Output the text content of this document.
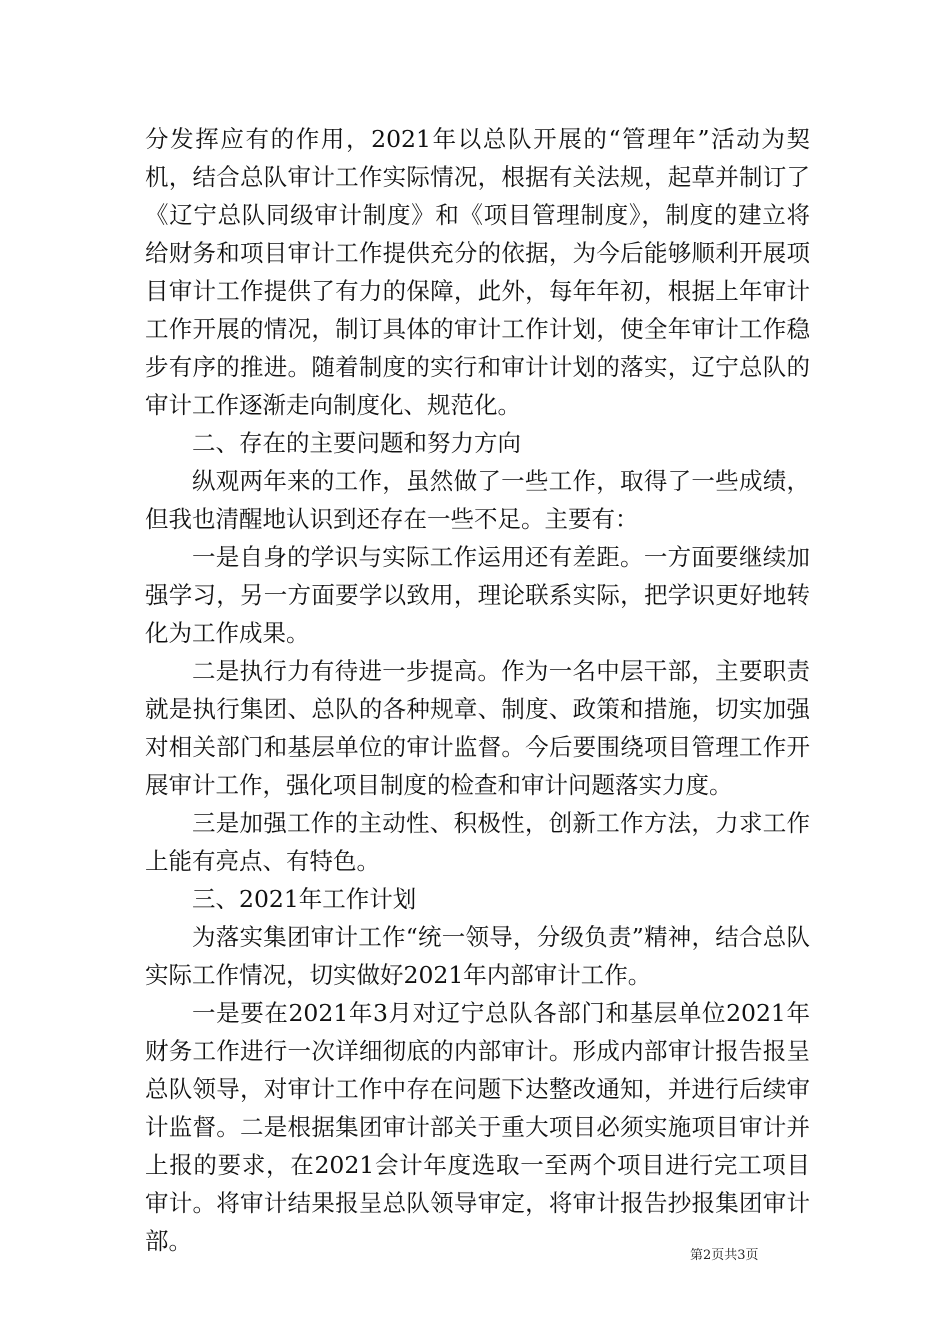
分发挥应有的作用，2021年以总队开展的“管理年”活动为契机，结合总队审计工作实际情况，根据有关法规，起草并制订了《辽宁总队同级审计制度》和《项目管理制度》，制度的建立将给财务和项目审计工作提供充分的依据，为今后能够顺利开展项目审计工作提供了有力的保障，此外，每年年初，根据上年审计工作开展的情况，制订具体的审计工作计划，使全年审计工作稳步有序的推进。随着制度的实行和审计计划的落实，辽宁总队的审计工作逐渐走向制度化、规范化。

二、存在的主要问题和努力方向

纵观两年来的工作，虽然做了一些工作，取得了一些成绩，但我也清醒地认识到还存在一些不足。主要有：

一是自身的学识与实际工作运用还有差距。一方面要继续加强学习，另一方面要学以致用，理论联系实际，把学识更好地转化为工作成果。

二是执行力有待进一步提高。作为一名中层干部，主要职责就是执行集团、总队的各种规章、制度、政策和措施，切实加强对相关部门和基层单位的审计监督。今后要围绕项目管理工作开展审计工作，强化项目制度的检查和审计问题落实力度。

三是加强工作的主动性、积极性，创新工作方法，力求工作上能有亮点、有特色。

三、2021年工作计划

为落实集团审计工作“统一领导，分级负责”精神，结合总队实际工作情况，切实做好2021年内部审计工作。

一是要在2021年3月对辽宁总队各部门和基层单位2021年财务工作进行一次详细彻底的内部审计。形成内部审计报告报呈总队领导，对审计工作中存在问题下达整改通知，并进行后续审计监督。二是根据集团审计部关于重大项目必须实施项目审计并上报的要求，在2021会计年度选取一至两个项目进行完工项目审计。将审计结果报呈总队领导审定，将审计报告抄报集团审计部。

第2页共3页
